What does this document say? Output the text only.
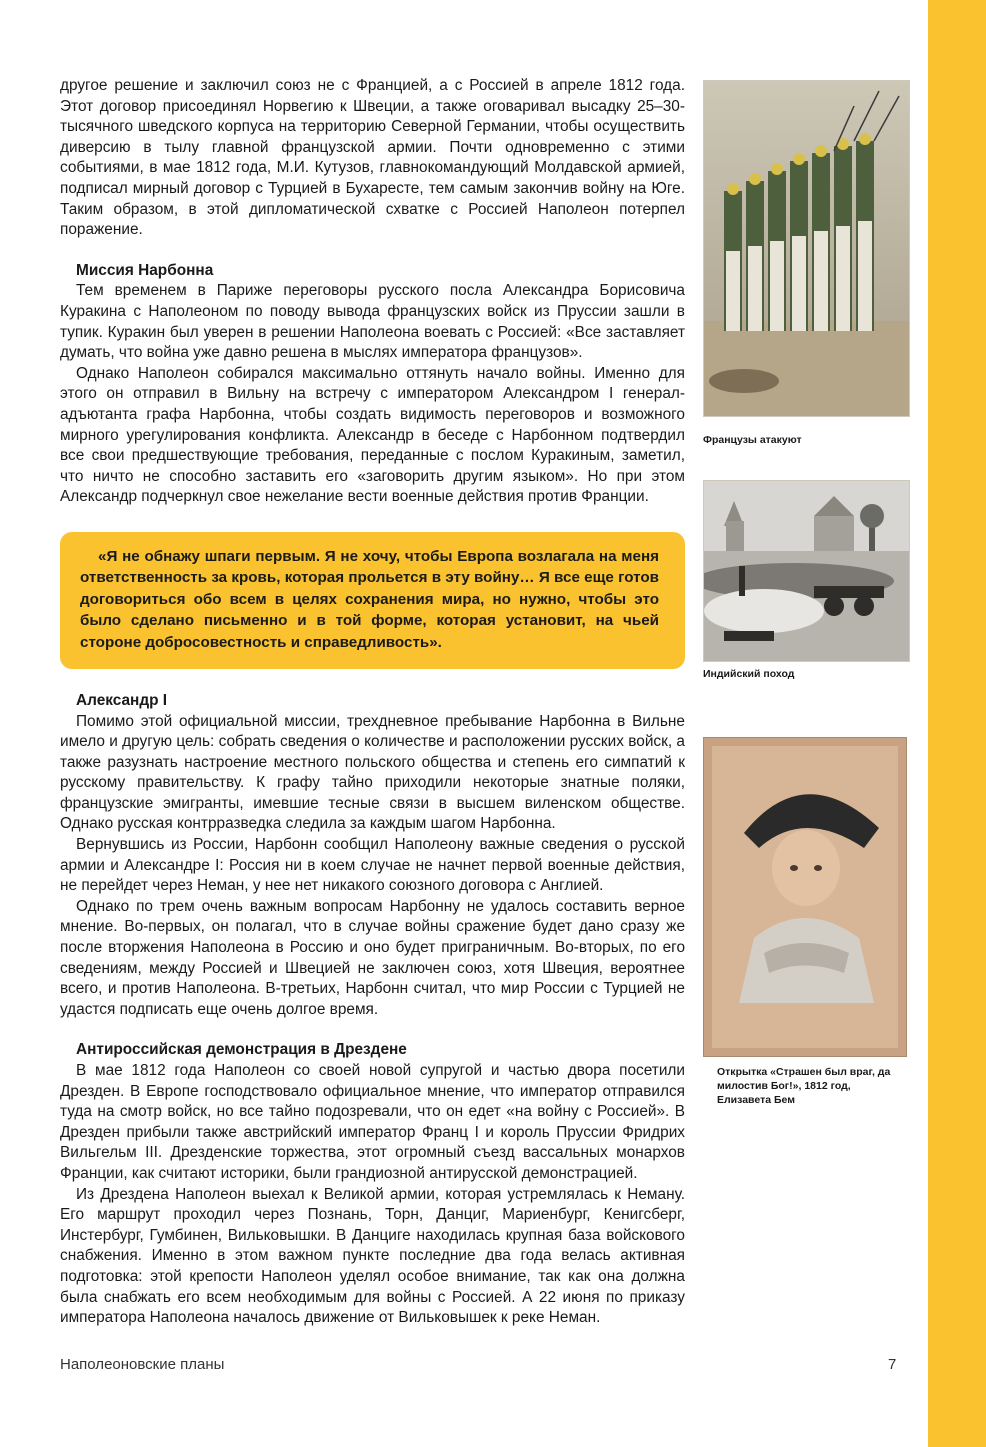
другое решение и заключил союз не с Францией, а с Россией в апреле 1812 года. Этот договор присоединял Норвегию к Швеции, а также оговаривал высадку 25–30-тысячного шведского корпуса на территорию Северной Германии, чтобы осуществить диверсию в тылу главной французской армии. Почти одновременно с этими событиями, в мае 1812 года, М.И. Кутузов, главнокомандующий Молдавской армией, подписал мирный договор с Турцией в Бухаресте, тем самым закончив войну на Юге. Таким образом, в этой дипломатической схватке с Россией Наполеон потерпел поражение.

Миссия Нарбонна

Тем временем в Париже переговоры русского посла Александра Борисовича Куракина с Наполеоном по поводу вывода французских войск из Пруссии зашли в тупик. Куракин был уверен в решении Наполеона воевать с Россией: «Все заставляет думать, что война уже давно решена в мыслях императора французов».

Однако Наполеон собирался максимально оттянуть начало войны. Именно для этого он отправил в Вильну на встречу с императором Александром I генерал-адъютанта графа Нарбонна, чтобы создать видимость переговоров и возможного мирного урегулирования конфликта. Александр в беседе с Нарбонном подтвердил все свои предшествующие требования, переданные с послом Куракиным, заметил, что ничто не способно заставить его «заговорить другим языком». Но при этом Александр подчеркнул свое нежелание вести военные действия против Франции.

«Я не обнажу шпаги первым. Я не хочу, чтобы Европа возлагала на меня ответственность за кровь, которая прольется в эту войну… Я все еще готов договориться обо всем в целях сохранения мира, но нужно, чтобы это было сделано письменно и в той форме, которая установит, на чьей стороне добросовестность и справедливость».

Александр I

Помимо этой официальной миссии, трехдневное пребывание Нарбонна в Вильне имело и другую цель: собрать сведения о количестве и расположении русских войск, а также разузнать настроение местного польского общества и степень его симпатий к русскому правительству. К графу тайно приходили некоторые знатные поляки, французские эмигранты, имевшие тесные связи в высшем виленском обществе. Однако русская контрразведка следила за каждым шагом Нарбонна.

Вернувшись из России, Нарбонн сообщил Наполеону важные сведения о русской армии и Александре I: Россия ни в коем случае не начнет первой военные действия, не перейдет через Неман, у нее нет никакого союзного договора с Англией.

Однако по трем очень важным вопросам Нарбонну не удалось составить верное мнение. Во-первых, он полагал, что в случае войны сражение будет дано сразу же после вторжения Наполеона в Россию и оно будет приграничным. Во-вторых, по его сведениям, между Россией и Швецией не заключен союз, хотя Швеция, вероятнее всего, и против Наполеона. В-третьих, Нарбонн считал, что мир России с Турцией не удастся подписать еще очень долгое время.

Антироссийская демонстрация в Дрездене

В мае 1812 года Наполеон со своей новой супругой и частью двора посетили Дрезден. В Европе господствовало официальное мнение, что император отправился туда на смотр войск, но все тайно подозревали, что он едет «на войну с Россией». В Дрезден прибыли также австрийский император Франц I и король Пруссии Фридрих Вильгельм III. Дрезденские торжества, этот огромный съезд вассальных монархов Франции, как считают историки, были грандиозной антирусской демонстрацией.

Из Дрездена Наполеон выехал к Великой армии, которая устремлялась к Неману. Его маршрут проходил через Познань, Торн, Данциг, Мариенбург, Кенигсберг, Инстербург, Гумбинен, Вильковышки. В Данциге находилась крупная база войскового снабжения. Именно в этом важном пункте последние два года велась активная подготовка: этой крепости Наполеон уделял особое внимание, так как она должна была снабжать его всем необходимым для войны с Россией. А 22 июня по приказу императора Наполеона началось движение от Вильковышек к реке Неман.

Французы атакуют
Индийский поход
Открытка «Страшен был враг, да милостив Бог!», 1812 год, Елизавета Бем
Наполеоновские планы	7
